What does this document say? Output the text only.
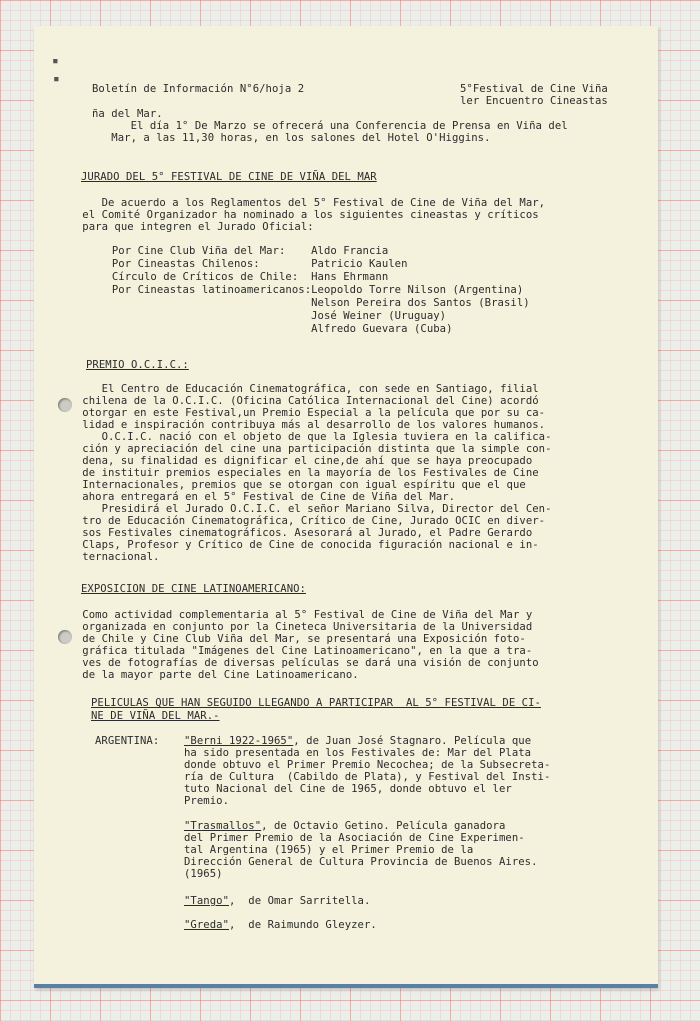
▪
▪
Boletín de Información N°6/hoja 2	5°Festival de Cine Viña
ler Encuentro Cineastas
ña del Mar.
El día 1° De Marzo se ofrecerá una Conferencia de Prensa en Viña del
Mar, a las 11,30 horas, en los salones del Hotel O'Higgins.
JURADO DEL 5° FESTIVAL DE CINE DE VIÑA DEL MAR
De acuerdo a los Reglamentos del 5° Festival de Cine de Viña del Mar,
el Comité Organizador ha nominado a los siguientes cineastas y críticos
para que integren el Jurado Oficial:
Por Cine Club Viña del Mar:    Aldo Francia
Por Cineastas Chilenos:        Patricio Kaulen
Círculo de Críticos de Chile:  Hans Ehrmann
Por Cineastas latinoamericanos:Leopoldo Torre Nilson (Argentina)
Nelson Pereira dos Santos (Brasil)
José Weiner (Uruguay)
Alfredo Guevara (Cuba)
PREMIO O.C.I.C.:
El Centro de Educación Cinematográfica, con sede en Santiago, filial
chilena de la O.C.I.C. (Oficina Católica Internacional del Cine) acordó
otorgar en este Festival,un Premio Especial a la película que por su ca-
lidad e inspiración contribuya más al desarrollo de los valores humanos.
O.C.I.C. nació con el objeto de que la Iglesia tuviera en la califica-
ción y apreciación del cine una participación distinta que la simple con-
dena, su finalidad es dignificar el cine,de ahí que se haya preocupado
de instituir premios especiales en la mayoría de los Festivales de Cine
Internacionales, premios que se otorgan con igual espíritu que el que
ahora entregará en el 5° Festival de Cine de Viña del Mar.
Presidirá el Jurado O.C.I.C. el señor Mariano Silva, Director del Cen-
tro de Educación Cinematográfica, Crítico de Cine, Jurado OCIC en diver-
sos Festivales cinematográficos. Asesorará al Jurado, el Padre Gerardo
Claps, Profesor y Crítico de Cine de conocida figuración nacional e in-
ternacional.
EXPOSICION DE CINE LATINOAMERICANO:
Como actividad complementaria al 5° Festival de Cine de Viña del Mar y
organizada en conjunto por la Cineteca Universitaria de la Universidad
de Chile y Cine Club Viña del Mar, se presentará una Exposición foto-
gráfica titulada "Imágenes del Cine Latinoamericano", en la que a tra-
ves de fotografías de diversas películas se dará una visión de conjunto
de la mayor parte del Cine Latinoamericano.
PELICULAS QUE HAN SEGUIDO LLEGANDO A PARTICIPAR  AL 5° FESTIVAL DE CI-
NE DE VIÑA DEL MAR.-
ARGENTINA: "Berni 1922-1965", de Juan José Stagnaro. Película que
ha sido presentada en los Festivales de: Mar del Plata
donde obtuvo el Primer Premio Necochea; de la Subsecreta-
ría de Cultura  (Cabildo de Plata), y Festival del Insti-
tuto Nacional del Cine de 1965, donde obtuvo el ler
Premio.
"Trasmallos", de Octavio Getino. Película ganadora
del Primer Premio de la Asociación de Cine Experimen-
tal Argentina (1965) y el Primer Premio de la
Dirección General de Cultura Provincia de Buenos Aires.
(1965)
"Tango",  de Omar Sarritella.
"Greda",  de Raimundo Gleyzer.
